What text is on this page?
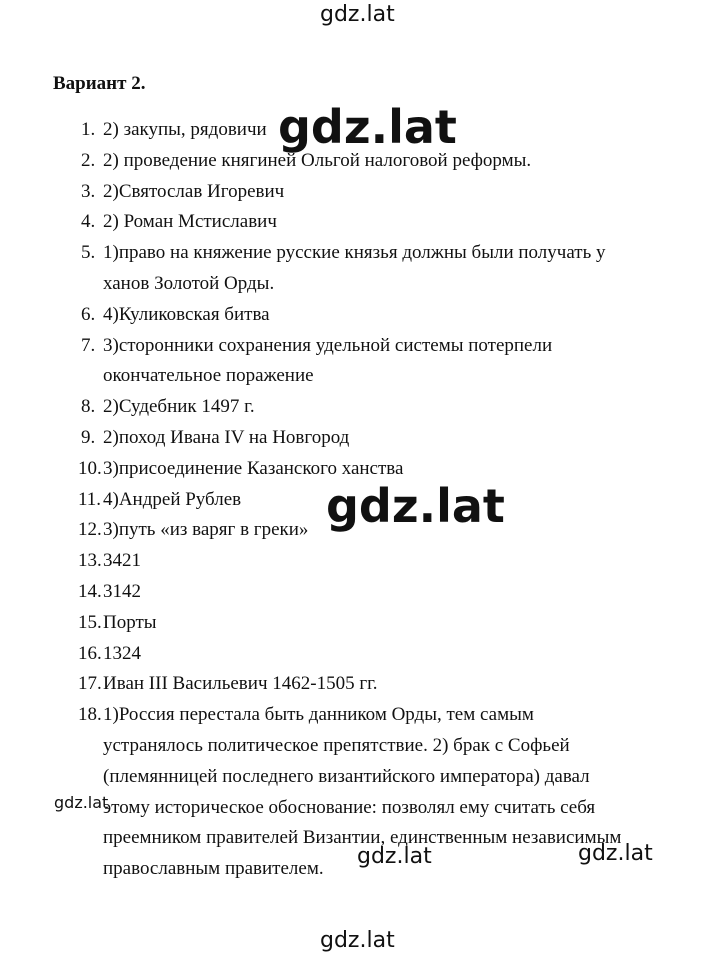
gdz.lat
Вариант 2.
1. 2) закупы, рядовичи
2. 2) проведение княгиней Ольгой налоговой реформы.
3. 2)Святослав Игоревич
4. 2) Роман Мстиславич
5. 1)право на княжение русские князья должны были получать у
ханов Золотой Орды.
6. 4)Куликовская битва
7. 3)сторонники сохранения удельной системы потерпели
окончательное поражение
8. 2)Судебник 1497 г.
9. 2)поход Ивана IV на Новгород
10. 3)присоединение Казанского ханства
11. 4)Андрей Рублев
12. 3)путь «из варяг в греки»
13. 3421
14. 3142
15. Порты
16. 1324
17. Иван III Васильевич 1462-1505 гг.
18. 1)Россия перестала быть данником Орды, тем самым
устранялось политическое препятствие. 2) брак с Софьей
(племянницей последнего византийского императора) давал
этому историческое обоснование: позволял ему считать себя
преемником правителей Византии, единственным независимым
православным правителем.
gdz.lat
gdz.lat
gdz.lat
gdz.lat	gdz.lat
gdz.lat
